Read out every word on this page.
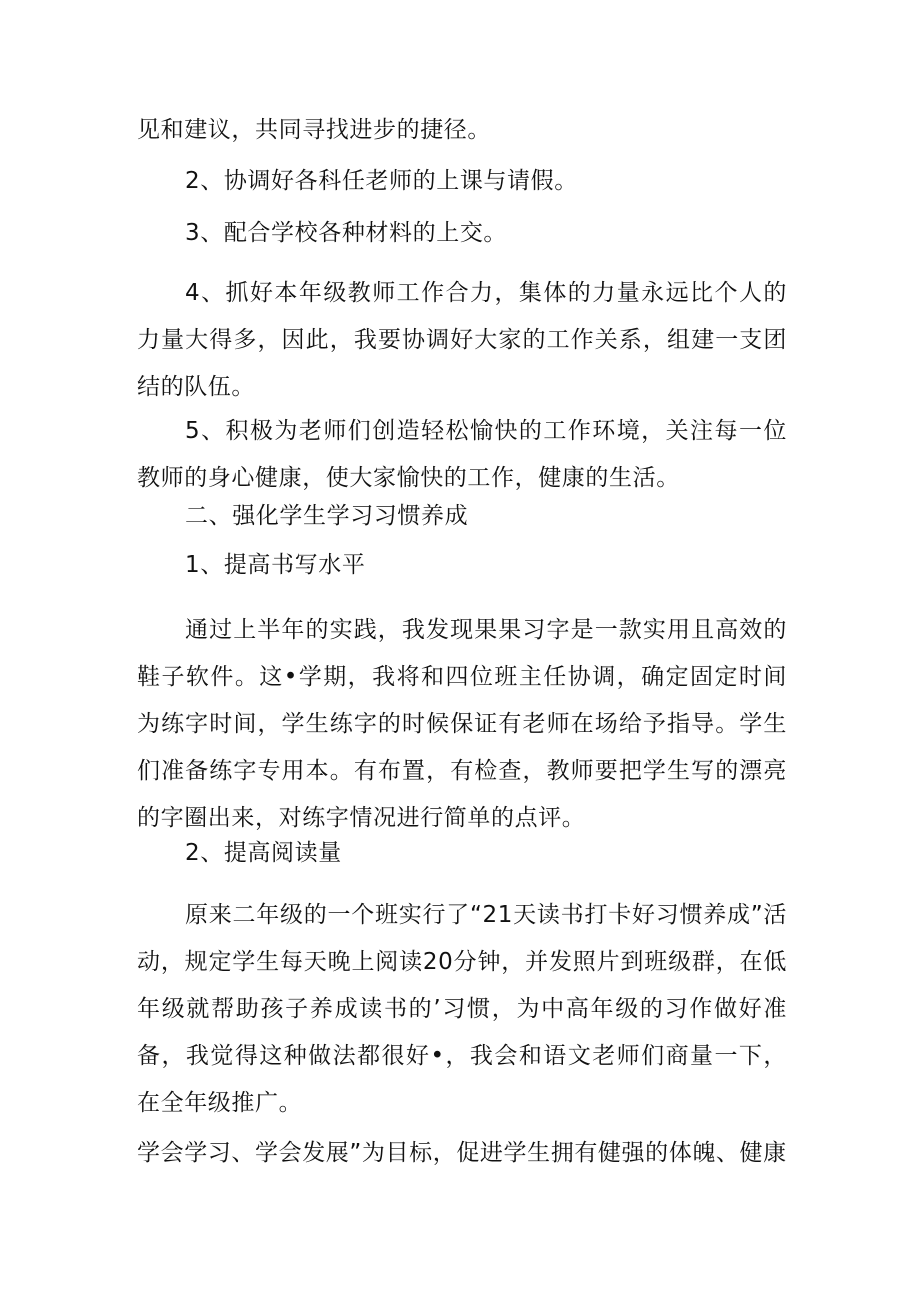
见和建议，共同寻找进步的捷径。

2、协调好各科任老师的上课与请假。

3、配合学校各种材料的上交。

4、抓好本年级教师工作合力，集体的力量永远比个人的力量大得多，因此，我要协调好大家的工作关系，组建一支团结的队伍。

5、积极为老师们创造轻松愉快的工作环境，关注每一位教师的身心健康，使大家愉快的工作，健康的生活。

二、强化学生学习习惯养成

1、提高书写水平

通过上半年的实践，我发现果果习字是一款实用且高效的鞋子软件。这•学期，我将和四位班主任协调，确定固定时间为练字时间，学生练字的时候保证有老师在场给予指导。学生们准备练字专用本。有布置，有检查，教师要把学生写的漂亮的字圈出来，对练字情况进行简单的点评。

2、提高阅读量

原来二年级的一个班实行了“21天读书打卡好习惯养成”活动，规定学生每天晚上阅读20分钟，并发照片到班级群，在低年级就帮助孩子养成读书的’习惯，为中高年级的习作做好准备，我觉得这种做法都很好•，我会和语文老师们商量一下，在全年级推广。

学会学习、学会发展”为目标，促进学生拥有健强的体魄、健康
